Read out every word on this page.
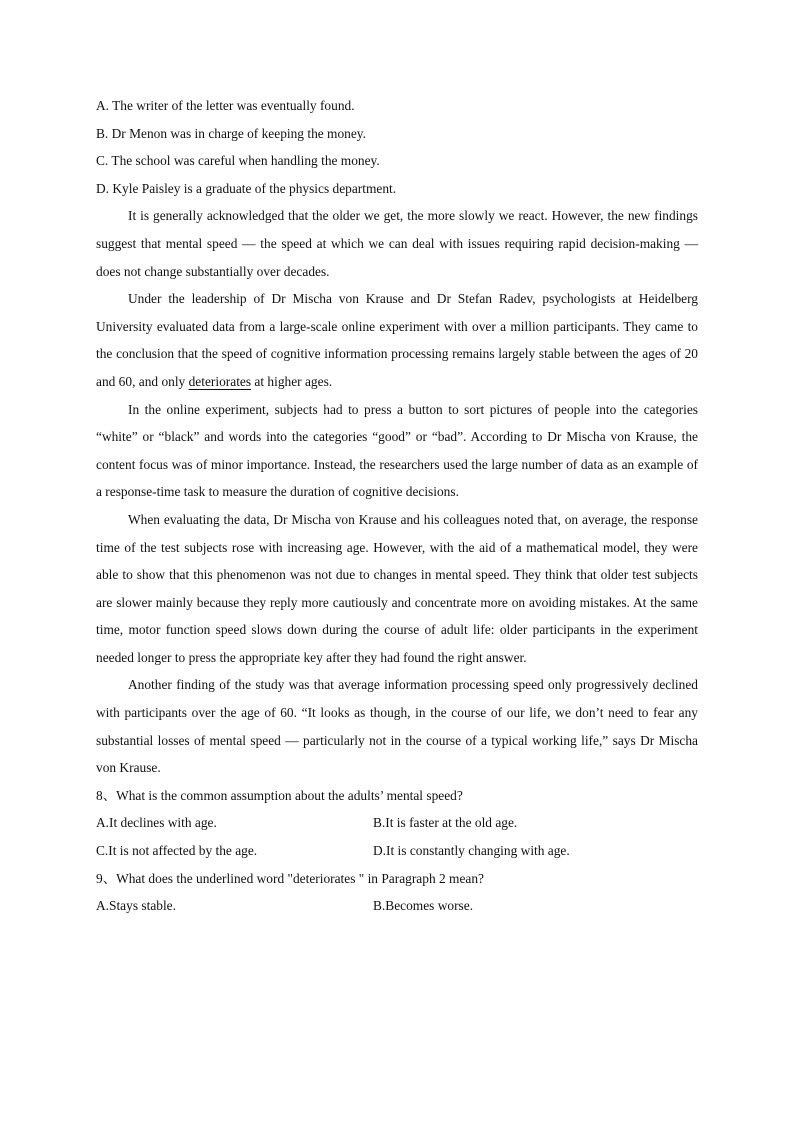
A. The writer of the letter was eventually found.

B. Dr Menon was in charge of keeping the money.

C. The school was careful when handling the money.

D. Kyle Paisley is a graduate of the physics department.

It is generally acknowledged that the older we get, the more slowly we react. However, the new findings suggest that mental speed — the speed at which we can deal with issues requiring rapid decision-making — does not change substantially over decades.

Under the leadership of Dr Mischa von Krause and Dr Stefan Radev, psychologists at Heidelberg University evaluated data from a large-scale online experiment with over a million participants. They came to the conclusion that the speed of cognitive information processing remains largely stable between the ages of 20 and 60, and only deteriorates at higher ages.

In the online experiment, subjects had to press a button to sort pictures of people into the categories “white” or “black” and words into the categories “good” or “bad”. According to Dr Mischa von Krause, the content focus was of minor importance. Instead, the researchers used the large number of data as an example of a response-time task to measure the duration of cognitive decisions.

When evaluating the data, Dr Mischa von Krause and his colleagues noted that, on average, the response time of the test subjects rose with increasing age. However, with the aid of a mathematical model, they were able to show that this phenomenon was not due to changes in mental speed. They think that older test subjects are slower mainly because they reply more cautiously and concentrate more on avoiding mistakes. At the same time, motor function speed slows down during the course of adult life: older participants in the experiment needed longer to press the appropriate key after they had found the right answer.

Another finding of the study was that average information processing speed only progressively declined with participants over the age of 60. “It looks as though, in the course of our life, we don’t need to fear any substantial losses of mental speed — particularly not in the course of a typical working life,” says Dr Mischa von Krause.

8、What is the common assumption about the adults’ mental speed?

A.It declines with age.	B.It is faster at the old age.
C.It is not affected by the age.	D.It is constantly changing with age.

9、What does the underlined word "deteriorates " in Paragraph 2 mean?

A.Stays stable.	B.Becomes worse.
